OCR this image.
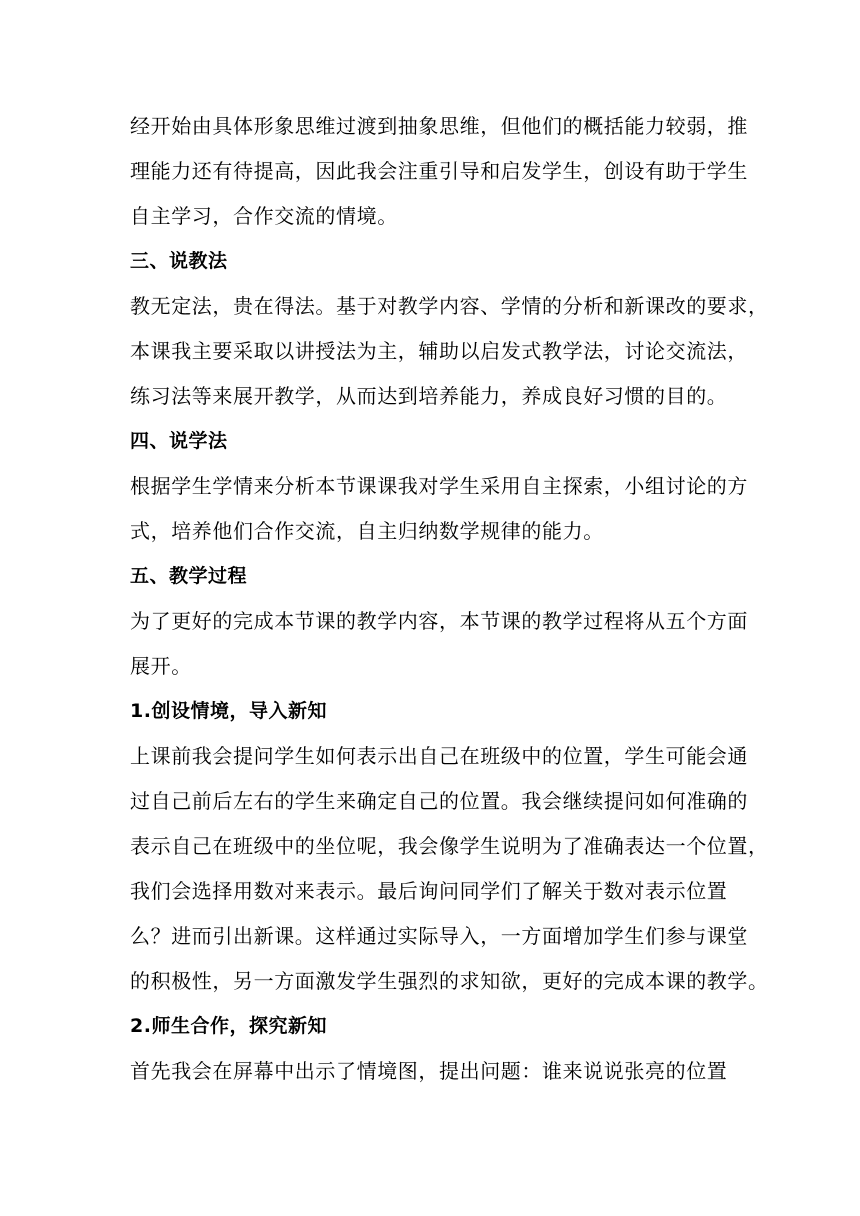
经开始由具体形象思维过渡到抽象思维，但他们的概括能力较弱，推
理能力还有待提高，因此我会注重引导和启发学生，创设有助于学生
自主学习，合作交流的情境。

三、说教法

教无定法，贵在得法。基于对教学内容、学情的分析和新课改的要求，
本课我主要采取以讲授法为主，辅助以启发式教学法，讨论交流法，
练习法等来展开教学，从而达到培养能力，养成良好习惯的目的。

四、说学法

根据学生学情来分析本节课课我对学生采用自主探索，小组讨论的方
式，培养他们合作交流，自主归纳数学规律的能力。

五、教学过程

为了更好的完成本节课的教学内容，本节课的教学过程将从五个方面
展开。

1.创设情境，导入新知

上课前我会提问学生如何表示出自己在班级中的位置，学生可能会通
过自己前后左右的学生来确定自己的位置。我会继续提问如何准确的
表示自己在班级中的坐位呢，我会像学生说明为了准确表达一个位置，
我们会选择用数对来表示。最后询问同学们了解关于数对表示位置
么？进而引出新课。这样通过实际导入，一方面增加学生们参与课堂
的积极性，另一方面激发学生强烈的求知欲，更好的完成本课的教学。

2.师生合作，探究新知

首先我会在屏幕中出示了情境图，提出问题：谁来说说张亮的位置
